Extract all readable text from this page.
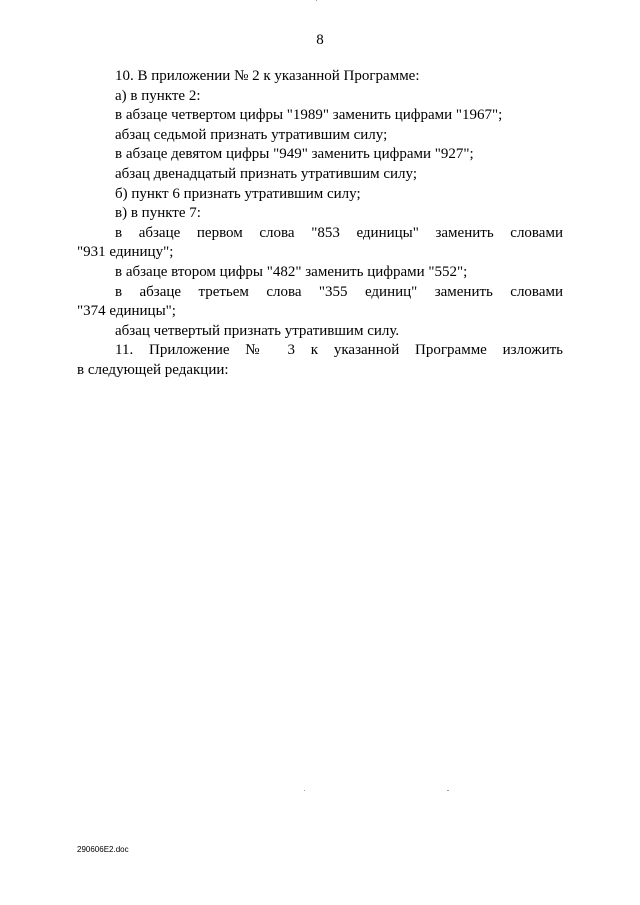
8

10. В приложении № 2 к указанной Программе:

а) в пункте 2:

в абзаце четвертом цифры "1989" заменить цифрами "1967";

абзац седьмой признать утратившим силу;

в абзаце девятом цифры "949" заменить цифрами "927";

абзац двенадцатый признать утратившим силу;

б) пункт 6 признать утратившим силу;

в) в пункте 7:

в абзаце первом слова "853 единицы" заменить словами

"931 единицу";

в абзаце втором цифры "482" заменить цифрами "552";

в абзаце третьем слова "355 единиц" заменить словами

"374 единицы";

абзац четвертый признать утратившим силу.

11. Приложение № 3 к указанной Программе изложить

в следующей редакции:

290606E2.doc
